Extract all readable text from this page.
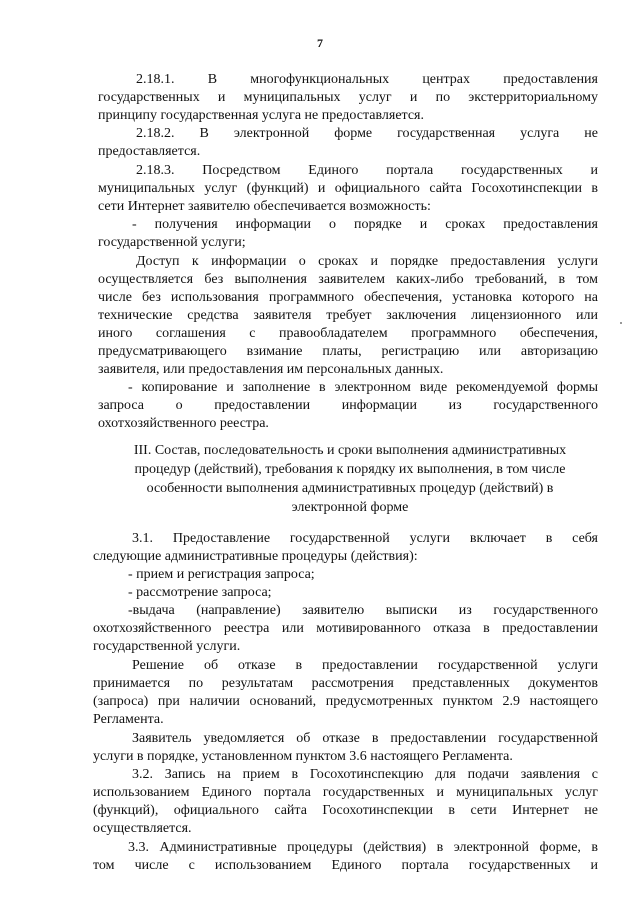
7
2.18.1. В многофункциональных центрах предоставления
государственных и муниципальных услуг и по экстерриториальному
принципу государственная услуга не предоставляется.
2.18.2. В электронной форме государственная услуга не
предоставляется.
2.18.3. Посредством Единого портала государственных и
муниципальных услуг (функций) и официального сайта Госохотинспекции в
сети Интернет заявителю обеспечивается возможность:
- получения информации о порядке и сроках предоставления
государственной услуги;
Доступ к информации о сроках и порядке предоставления услуги
осуществляется без выполнения заявителем каких-либо требований, в том
числе без использования программного обеспечения, установка которого на
технические средства заявителя требует заключения лицензионного или
иного соглашения с правообладателем программного обеспечения,
предусматривающего взимание платы, регистрацию или авторизацию
заявителя, или предоставления им персональных данных.
- копирование и заполнение в электронном виде рекомендуемой формы
запроса о предоставлении информации из государственного
охотхозяйственного реестра.
III. Состав, последовательность и сроки выполнения административных
процедур (действий), требования к порядку их выполнения, в том числе
особенности выполнения административных процедур (действий) в
электронной форме
3.1. Предоставление государственной услуги включает в себя
следующие административные процедуры (действия):
- прием и регистрация запроса;
- рассмотрение запроса;
-выдача (направление) заявителю выписки из государственного
охотхозяйственного реестра или мотивированного отказа в предоставлении
государственной услуги.
Решение об отказе в предоставлении государственной услуги
принимается по результатам рассмотрения представленных документов
(запроса) при наличии оснований, предусмотренных пунктом 2.9 настоящего
Регламента.
Заявитель уведомляется об отказе в предоставлении государственной
услуги в порядке, установленном пунктом 3.6 настоящего Регламента.
3.2. Запись на прием в Госохотинспекцию для подачи заявления с
использованием Единого портала государственных и муниципальных услуг
(функций), официального сайта Госохотинспекции в сети Интернет не
осуществляется.
3.3. Административные процедуры (действия) в электронной форме, в
том числе с использованием Единого портала государственных и
